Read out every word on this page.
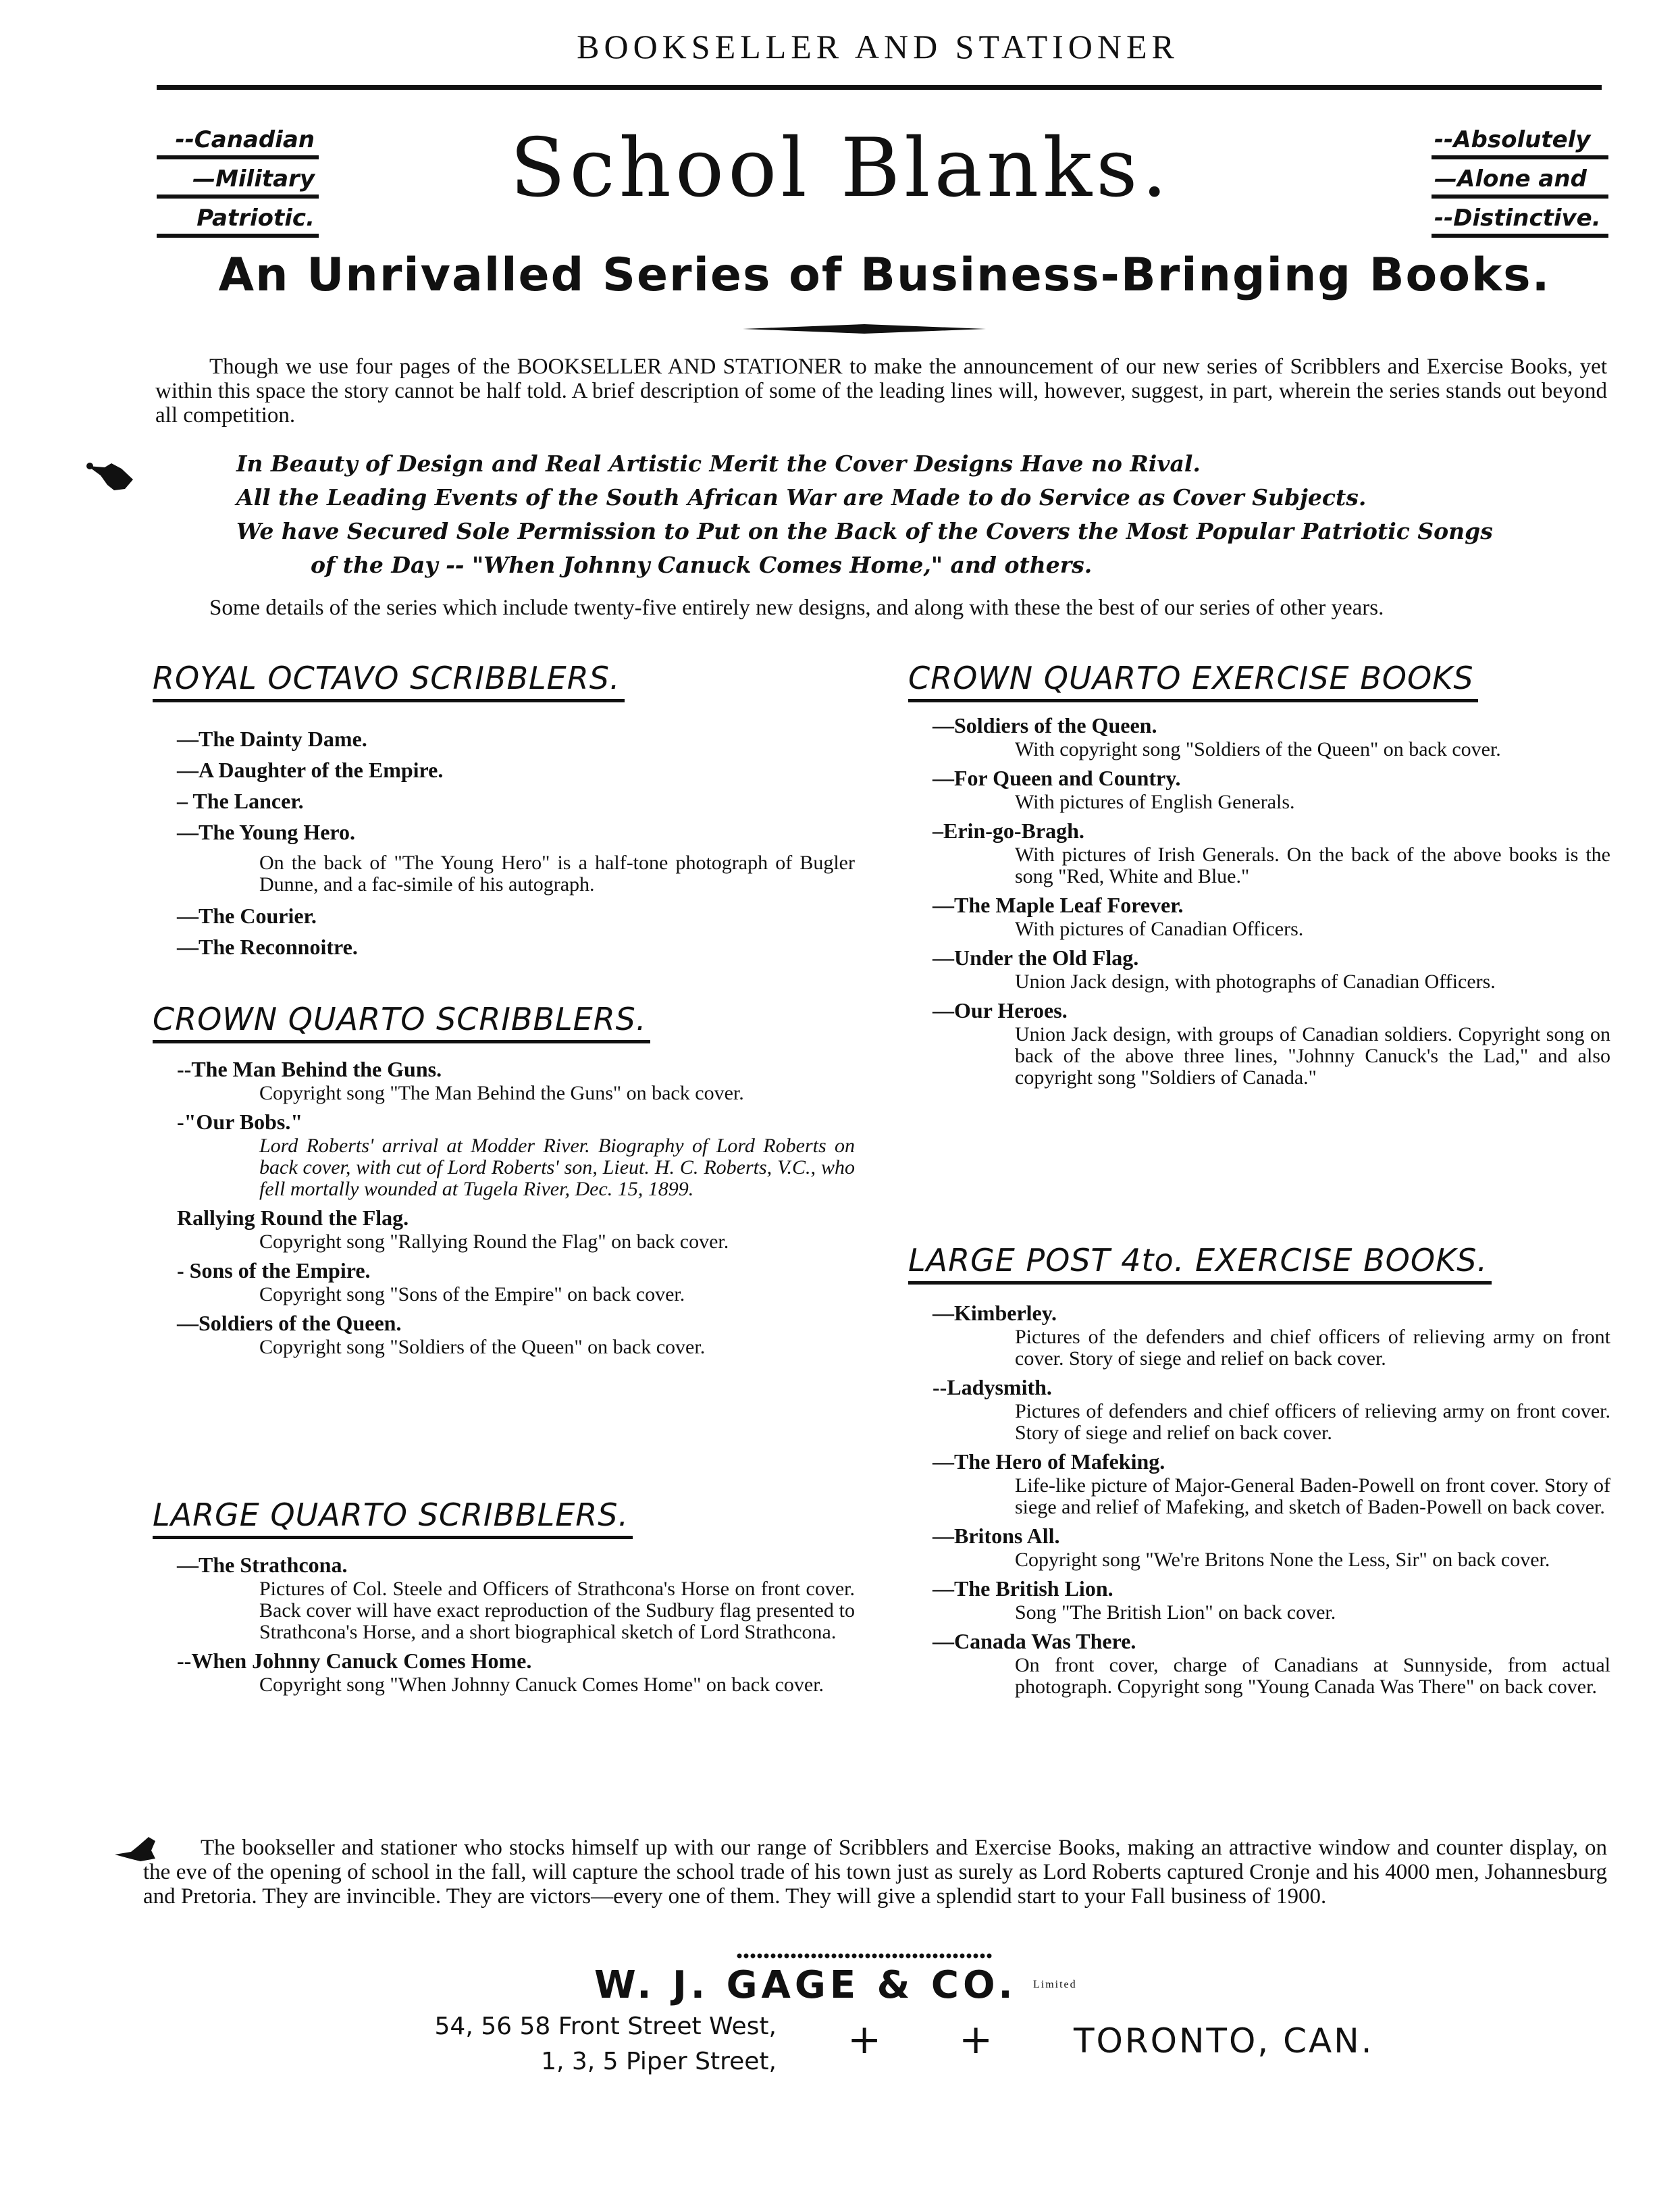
BOOKSELLER AND STATIONER
--Canadian
—Military
Patriotic.
School Blanks.	--Absolutely
—Alone and
--Distinctive.
An Unrivalled Series of Business-Bringing Books.
Though we use four pages of the BOOKSELLER AND STATIONER to make the announcement of our new series of Scribblers and Exercise Books, yet within this space the story cannot be half told. A brief description of some of the leading lines will, however, suggest, in part, wherein the series stands out beyond all competition.
In Beauty of Design and Real Artistic Merit the Cover Designs Have no Rival.
All the Leading Events of the South African War are Made to do Service as Cover Subjects.
We have Secured Sole Permission to Put on the Back of the Covers the Most Popular Patriotic Songs
of the Day -- "When Johnny Canuck Comes Home," and others.
Some details of the series which include twenty-five entirely new designs, and along with these the best of our series of other years.
ROYAL OCTAVO SCRIBBLERS.
—The Dainty Dame.
—A Daughter of the Empire.
– The Lancer.
—The Young Hero.
On the back of "The Young Hero" is a half-tone photograph of Bugler Dunne, and a fac-simile of his autograph.
—The Courier.
—The Reconnoitre.
CROWN QUARTO SCRIBBLERS.
--The Man Behind the Guns.
Copyright song "The Man Behind the Guns" on back cover.
-"Our Bobs."
Lord Roberts' arrival at Modder River. Biography of Lord Roberts on back cover, with cut of Lord Roberts' son, Lieut. H. C. Roberts, V.C., who fell mortally wounded at Tugela River, Dec. 15, 1899.
Rallying Round the Flag.
Copyright song "Rallying Round the Flag" on back cover.
- Sons of the Empire.
Copyright song "Sons of the Empire" on back cover.
—Soldiers of the Queen.
Copyright song "Soldiers of the Queen" on back cover.
LARGE QUARTO SCRIBBLERS.
—The Strathcona.
Pictures of Col. Steele and Officers of Strathcona's Horse on front cover. Back cover will have exact reproduction of the Sudbury flag presented to Strathcona's Horse, and a short biographical sketch of Lord Strathcona.
--When Johnny Canuck Comes Home.
Copyright song "When Johnny Canuck Comes Home" on back cover.
CROWN QUARTO EXERCISE BOOKS
—Soldiers of the Queen.
With copyright song "Soldiers of the Queen" on back cover.
—For Queen and Country.
With pictures of English Generals.
–Erin-go-Bragh.
With pictures of Irish Generals. On the back of the above books is the song "Red, White and Blue."
—The Maple Leaf Forever.
With pictures of Canadian Officers.
—Under the Old Flag.
Union Jack design, with photographs of Canadian Officers.
—Our Heroes.
Union Jack design, with groups of Canadian soldiers. Copyright song on back of the above three lines, "Johnny Canuck's the Lad," and also copyright song "Soldiers of Canada."
LARGE POST 4to. EXERCISE BOOKS.
—Kimberley.
Pictures of the defenders and chief officers of relieving army on front cover. Story of siege and relief on back cover.
--Ladysmith.
Pictures of defenders and chief officers of relieving army on front cover. Story of siege and relief on back cover.
—The Hero of Mafeking.
Life-like picture of Major-General Baden-Powell on front cover. Story of siege and relief of Mafeking, and sketch of Baden-Powell on back cover.
—Britons All.
Copyright song "We're Britons None the Less, Sir" on back cover.
—The British Lion.
Song "The British Lion" on back cover.
—Canada Was There.
On front cover, charge of Canadians at Sunnyside, from actual photograph. Copyright song "Young Canada Was There" on back cover.
The bookseller and stationer who stocks himself up with our range of Scribblers and Exercise Books, making an attractive window and counter display, on the eve of the opening of school in the fall, will capture the school trade of his town just as surely as Lord Roberts captured Cronje and his 4000 men, Johannesburg and Pretoria. They are invincible. They are victors—every one of them. They will give a splendid start to your Fall business of 1900.
W. J. GAGE & CO. Limited
54, 56 58 Front Street West,
1, 3, 5 Piper Street, + + TORONTO, CAN.
